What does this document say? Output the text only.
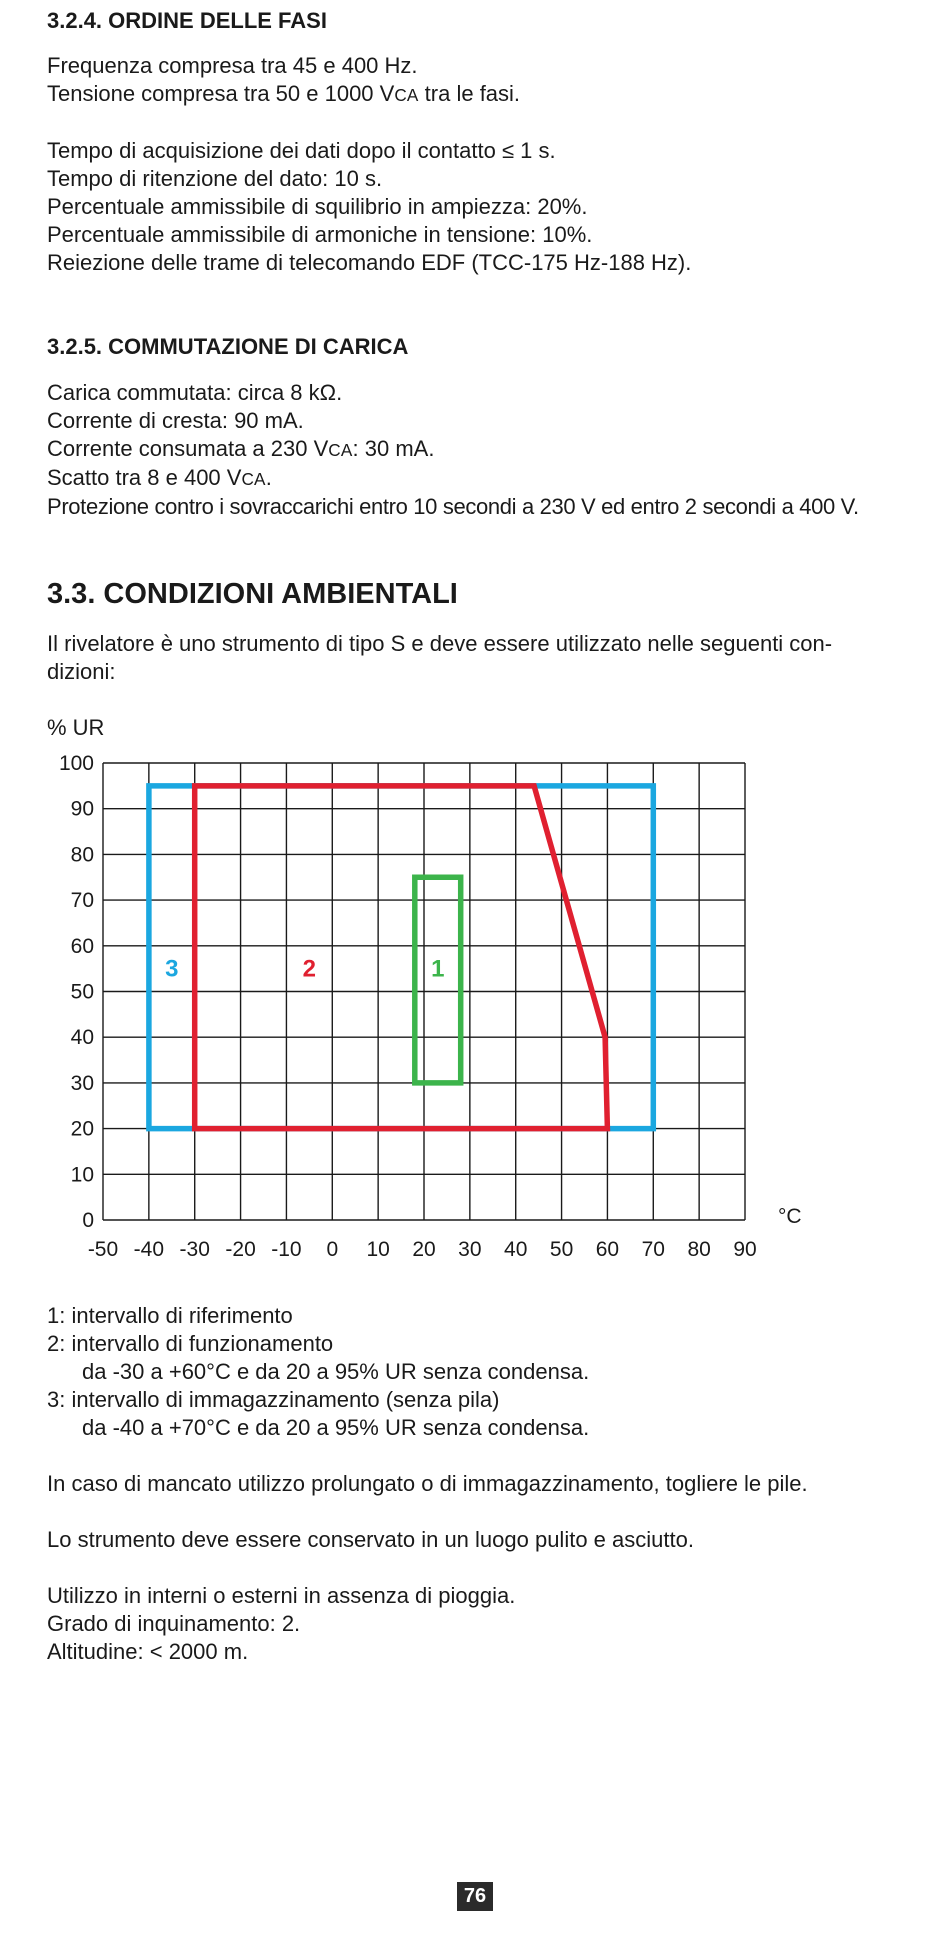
3.2.4. ORDINE DELLE FASI
Frequenza compresa tra 45 e 400 Hz.
Tensione compresa tra 50 e 1000 VCA tra le fasi.
Tempo di acquisizione dei dati dopo il contatto ≤ 1 s.
Tempo di ritenzione del dato: 10 s.
Percentuale ammissibile di squilibrio in ampiezza: 20%.
Percentuale ammissibile di armoniche in tensione: 10%.
Reiezione delle trame di telecomando EDF (TCC-175 Hz-188 Hz).
3.2.5. COMMUTAZIONE DI CARICA
Carica commutata: circa 8 kΩ.
Corrente di cresta: 90 mA.
Corrente consumata a 230 VCA: 30 mA.
Scatto tra 8 e 400 VCA.
Protezione contro i sovraccarichi entro 10 secondi a 230 V ed entro 2 secondi a 400 V.
3.3. CONDIZIONI AMBIENTALI
Il rivelatore è uno strumento di tipo S e deve essere utilizzato nelle seguenti con-
dizioni:
1
2
3
0
10
20
30
40
50
60
70
80
90
100
-50 -40 -30 -20 -10 0 10 20 30 40 50 60 70 80 90
% UR
°C
1: intervallo di riferimento
2: intervallo di funzionamento
da -30 a +60°C e da 20 a 95% UR senza condensa.
3: intervallo di immagazzinamento (senza pila)
da -40 a +70°C e da 20 a 95% UR senza condensa.
In caso di mancato utilizzo prolungato o di immagazzinamento, togliere le pile.
Lo strumento deve essere conservato in un luogo pulito e asciutto.
Utilizzo in interni o esterni in assenza di pioggia.
Grado di inquinamento: 2.
Altitudine: < 2000 m.
76
